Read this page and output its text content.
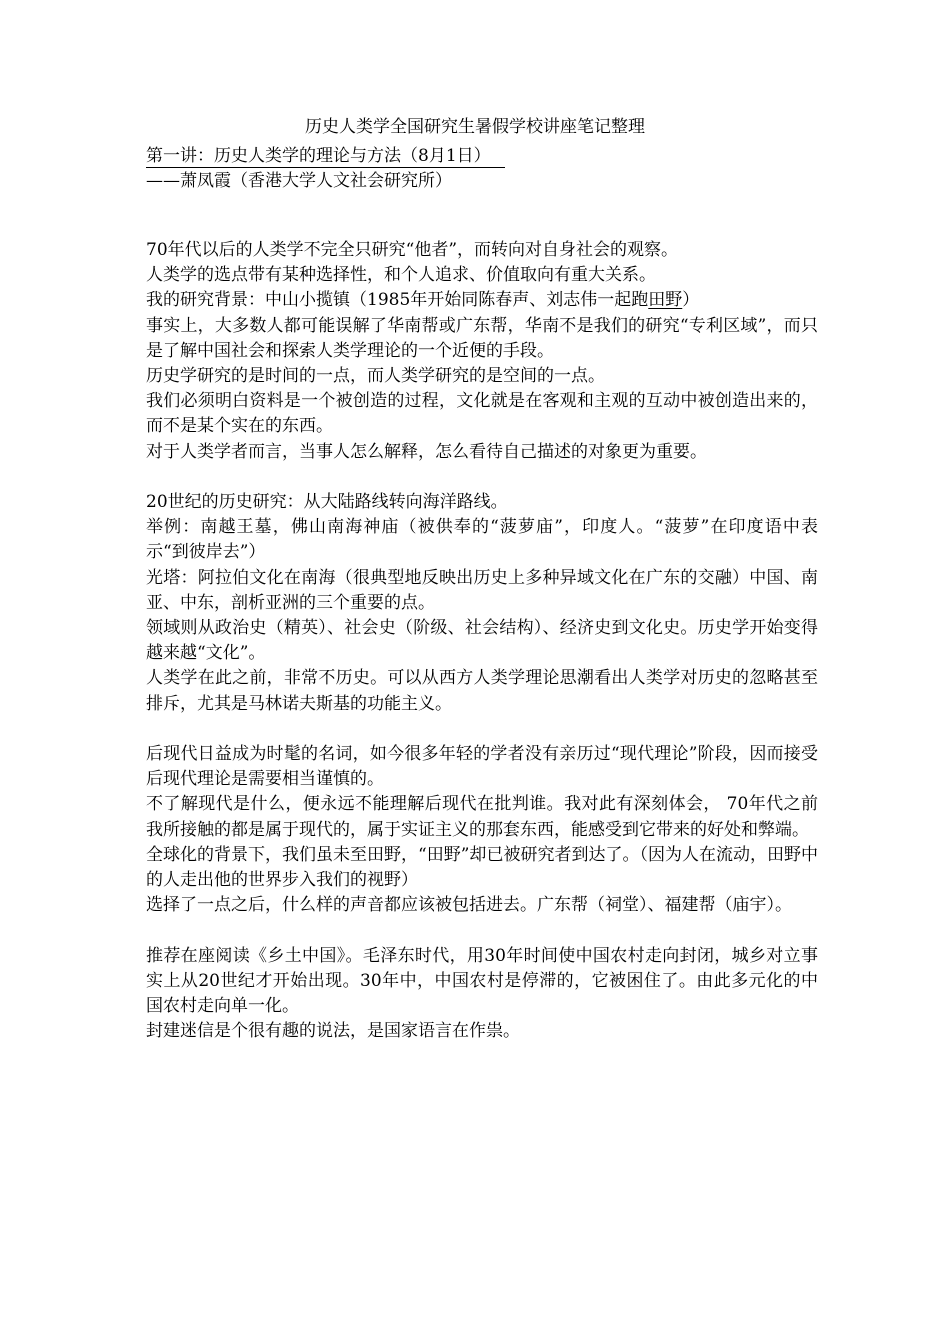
历史人类学全国研究生暑假学校讲座笔记整理
第一讲：历史人类学的理论与方法（8月1日）
——萧凤霞（香港大学人文社会研究所）

70年代以后的人类学不完全只研究“他者”，而转向对自身社会的观察。

人类学的选点带有某种选择性，和个人追求、价值取向有重大关系。

我的研究背景：中山小揽镇（1985年开始同陈春声、刘志伟一起跑田野）

事实上，大多数人都可能误解了华南帮或广东帮，华南不是我们的研究“专利区域”，而只是了解中国社会和探索人类学理论的一个近便的手段。

历史学研究的是时间的一点，而人类学研究的是空间的一点。

我们必须明白资料是一个被创造的过程，文化就是在客观和主观的互动中被创造出来的，而不是某个实在的东西。

对于人类学者而言，当事人怎么解释，怎么看待自己描述的对象更为重要。

20世纪的历史研究：从大陆路线转向海洋路线。

举例：南越王墓，佛山南海神庙（被供奉的“菠萝庙”，印度人。“菠萝”在印度语中表示“到彼岸去”）

光塔：阿拉伯文化在南海（很典型地反映出历史上多种异域文化在广东的交融）中国、南亚、中东，剖析亚洲的三个重要的点。

领域则从政治史（精英）、社会史（阶级、社会结构）、经济史到文化史。历史学开始变得越来越“文化”。

人类学在此之前，非常不历史。可以从西方人类学理论思潮看出人类学对历史的忽略甚至排斥，尤其是马林诺夫斯基的功能主义。

后现代日益成为时髦的名词，如今很多年轻的学者没有亲历过“现代理论”阶段，因而接受后现代理论是需要相当谨慎的。

不了解现代是什么，便永远不能理解后现代在批判谁。我对此有深刻体会， 70年代之前我所接触的都是属于现代的，属于实证主义的那套东西，能感受到它带来的好处和弊端。

全球化的背景下，我们虽未至田野，“田野”却已被研究者到达了。（因为人在流动，田野中的人走出他的世界步入我们的视野）

选择了一点之后，什么样的声音都应该被包括进去。广东帮（祠堂）、福建帮（庙宇）。

推荐在座阅读《乡土中国》。毛泽东时代，用30年时间使中国农村走向封闭，城乡对立事实上从20世纪才开始出现。30年中，中国农村是停滞的，它被困住了。由此多元化的中国农村走向单一化。

封建迷信是个很有趣的说法，是国家语言在作祟。
